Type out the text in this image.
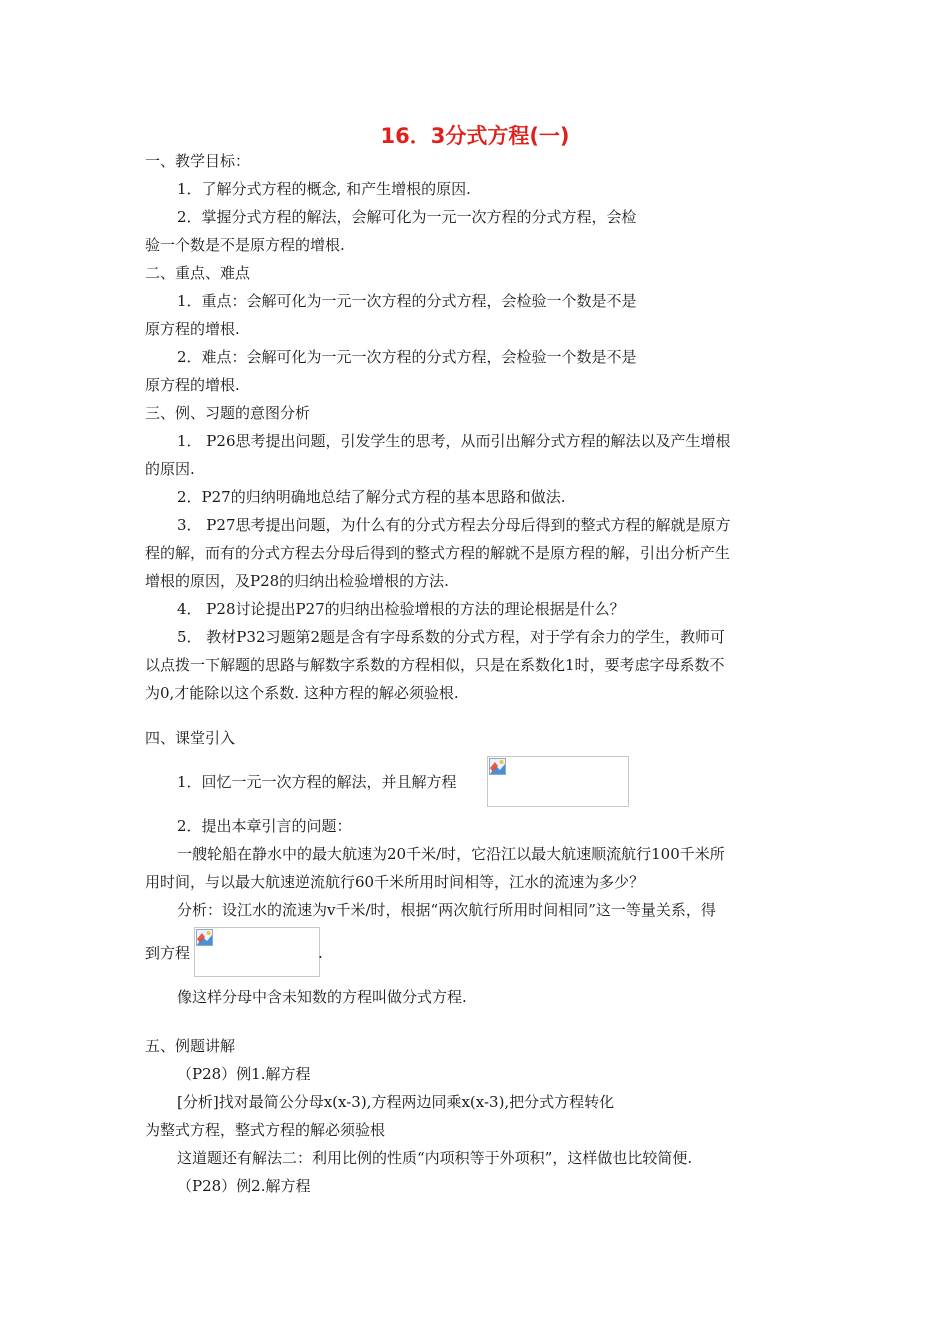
16．3分式方程(一)
一、教学目标：
1．了解分式方程的概念, 和产生增根的原因.
2．掌握分式方程的解法，会解可化为一元一次方程的分式方程，会检
验一个数是不是原方程的增根.
二、重点、难点
1．重点：会解可化为一元一次方程的分式方程，会检验一个数是不是
原方程的增根.
2．难点：会解可化为一元一次方程的分式方程，会检验一个数是不是
原方程的增根.
三、例、习题的意图分析
1． P26思考提出问题，引发学生的思考，从而引出解分式方程的解法以及产生增根
的原因.
2．P27的归纳明确地总结了解分式方程的基本思路和做法.
3． P27思考提出问题，为什么有的分式方程去分母后得到的整式方程的解就是原方
程的解，而有的分式方程去分母后得到的整式方程的解就不是原方程的解，引出分析产生
增根的原因，及P28的归纳出检验增根的方法.
4． P28讨论提出P27的归纳出检验增根的方法的理论根据是什么？
5． 教材P32习题第2题是含有字母系数的分式方程，对于学有余力的学生，教师可
以点拨一下解题的思路与解数字系数的方程相似，只是在系数化1时，要考虑字母系数不
为0,才能除以这个系数. 这种方程的解必须验根.
四、课堂引入
1．回忆一元一次方程的解法，并且解方程
2．提出本章引言的问题：
一艘轮船在静水中的最大航速为20千米/时，它沿江以最大航速顺流航行100千米所
用时间，与以最大航速逆流航行60千米所用时间相等，江水的流速为多少？
分析：设江水的流速为v千米/时，根据“两次航行所用时间相同”这一等量关系，得
到方程	.
像这样分母中含未知数的方程叫做分式方程.
五、例题讲解
（P28）例1.解方程
[分析]找对最简公分母x(x-3),方程两边同乘x(x-3),把分式方程转化
为整式方程，整式方程的解必须验根
这道题还有解法二：利用比例的性质“内项积等于外项积”，这样做也比较简便.
（P28）例2.解方程
